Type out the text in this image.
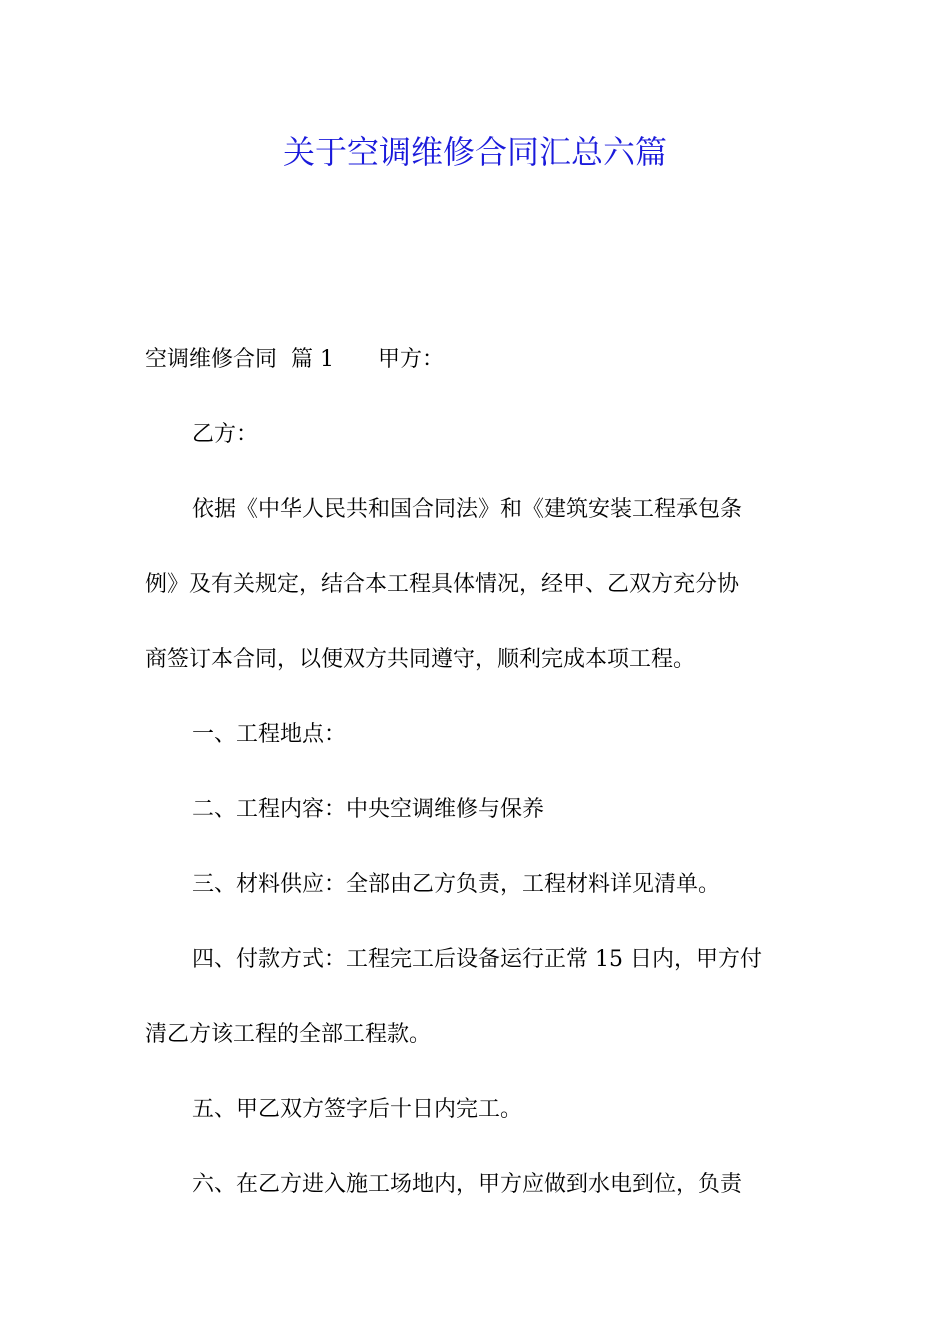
关于空调维修合同汇总六篇

空调维修合同 篇 1 甲方：

乙方：

依据《中华人民共和国合同法》和《建筑安装工程承包条

例》及有关规定，结合本工程具体情况，经甲、乙双方充分协

商签订本合同，以便双方共同遵守，顺利完成本项工程。

一、工程地点：

二、工程内容：中央空调维修与保养

三、材料供应：全部由乙方负责，工程材料详见清单。

四、付款方式：工程完工后设备运行正常 15 日内，甲方付

清乙方该工程的全部工程款。

五、甲乙双方签字后十日内完工。

六、在乙方进入施工场地内，甲方应做到水电到位，负责
